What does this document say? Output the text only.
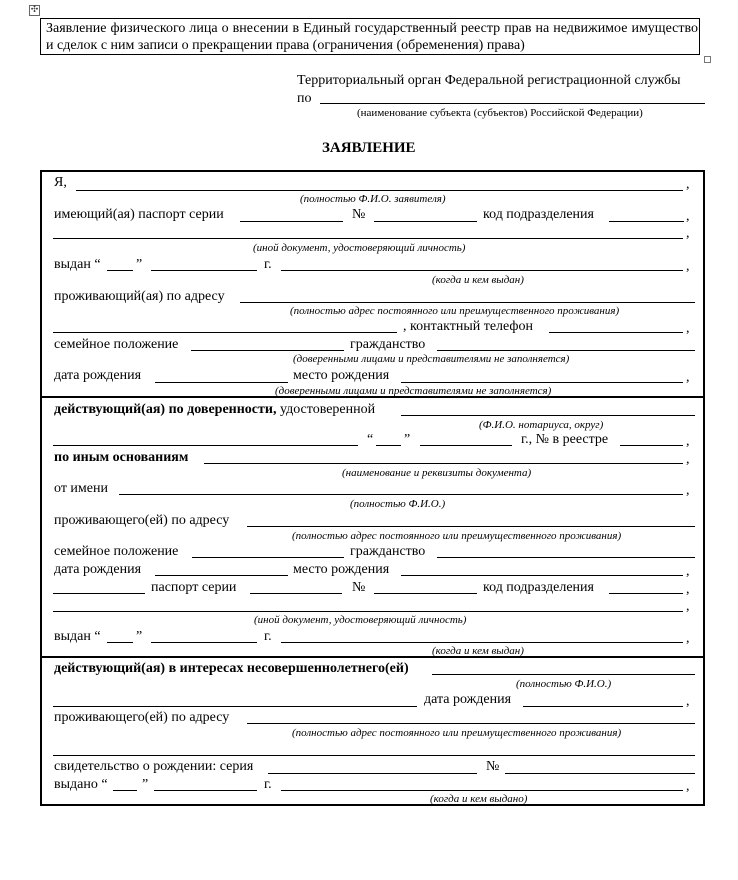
✣
Заявление физического лица о внесении в Единый государственный реестр прав на недвижимое имущество и сделок с ним записи о прекращении права (ограничения (обременения) права)
Территориальный орган Федеральной регистрационной службы
по
(наименование субъекта (субъектов) Российской Федерации)
ЗАЯВЛЕНИЕ
Я,	,
(полностью Ф.И.О. заявителя)
имеющий(ая) паспорт серии	№	код подразделения	,
,
(иной документ, удостоверяющий личность)
выдан “	”	г.	,
(когда и кем выдан)
проживающий(ая) по адресу
(полностью адрес постоянного или преимущественного проживания)
, контактный телефон	,
семейное положение	гражданство
(доверенными лицами и представителями не заполняется)
дата рождения	место рождения	,
(доверенными лицами и представителями не заполняется)
действующий(ая) по доверенности, удостоверенной
(Ф.И.О. нотариуса, округ)
“ ”	г., № в реестре	,
по иным основаниям	,
(наименование и реквизиты документа)
от имени	,
(полностью Ф.И.О.)
проживающего(ей) по адресу
(полностью адрес постоянного или преимущественного проживания)
семейное положение	гражданство
дата рождения	место рождения	,
паспорт серии	№	код подразделения	,
,
(иной документ, удостоверяющий личность)
выдан “	”	г.	,
(когда и кем выдан)
действующий(ая) в интересах несовершеннолетнего(ей)
(полностью Ф.И.О.)
дата рождения	,
проживающего(ей) по адресу
(полностью адрес постоянного или преимущественного проживания)
свидетельство о рождении: серия	№
выдано “ ”	г.	,
(когда и кем выдано)
